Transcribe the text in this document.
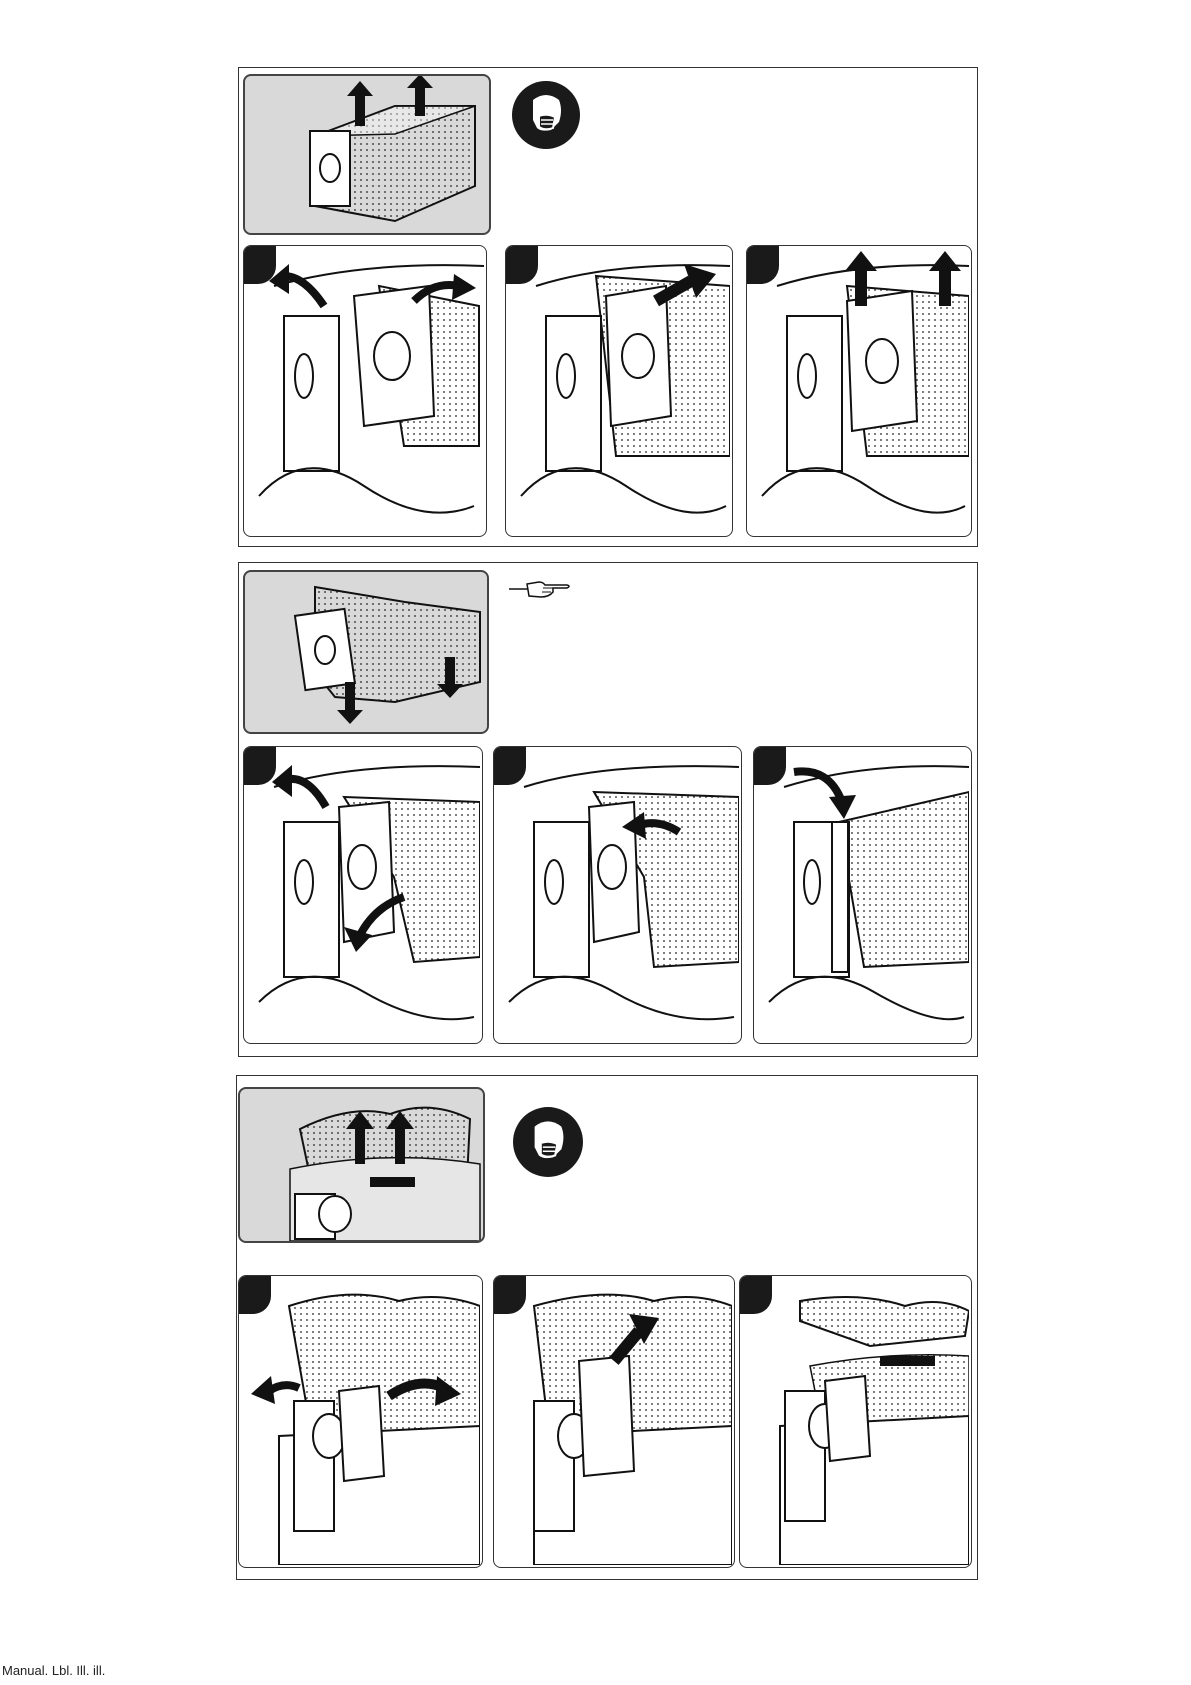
Manual. Lbl. Ill. ill.
